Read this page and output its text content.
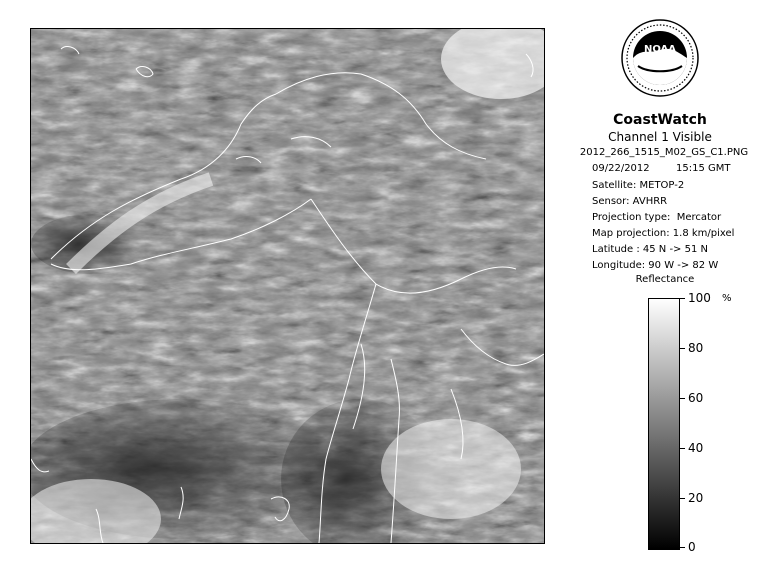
NOAA
CoastWatch
Channel 1 Visible
2012_266_1515_M02_GS_C1.PNG
09/22/2012	15:15 GMT
Satellite: METOP-2
Sensor: AVHRR
Projection type:  Mercator
Map projection: 1.8 km/pixel
Latitude : 45 N -> 51 N
Longitude: 90 W -> 82 W
Reflectance
%
100
80
60
40
20
0
